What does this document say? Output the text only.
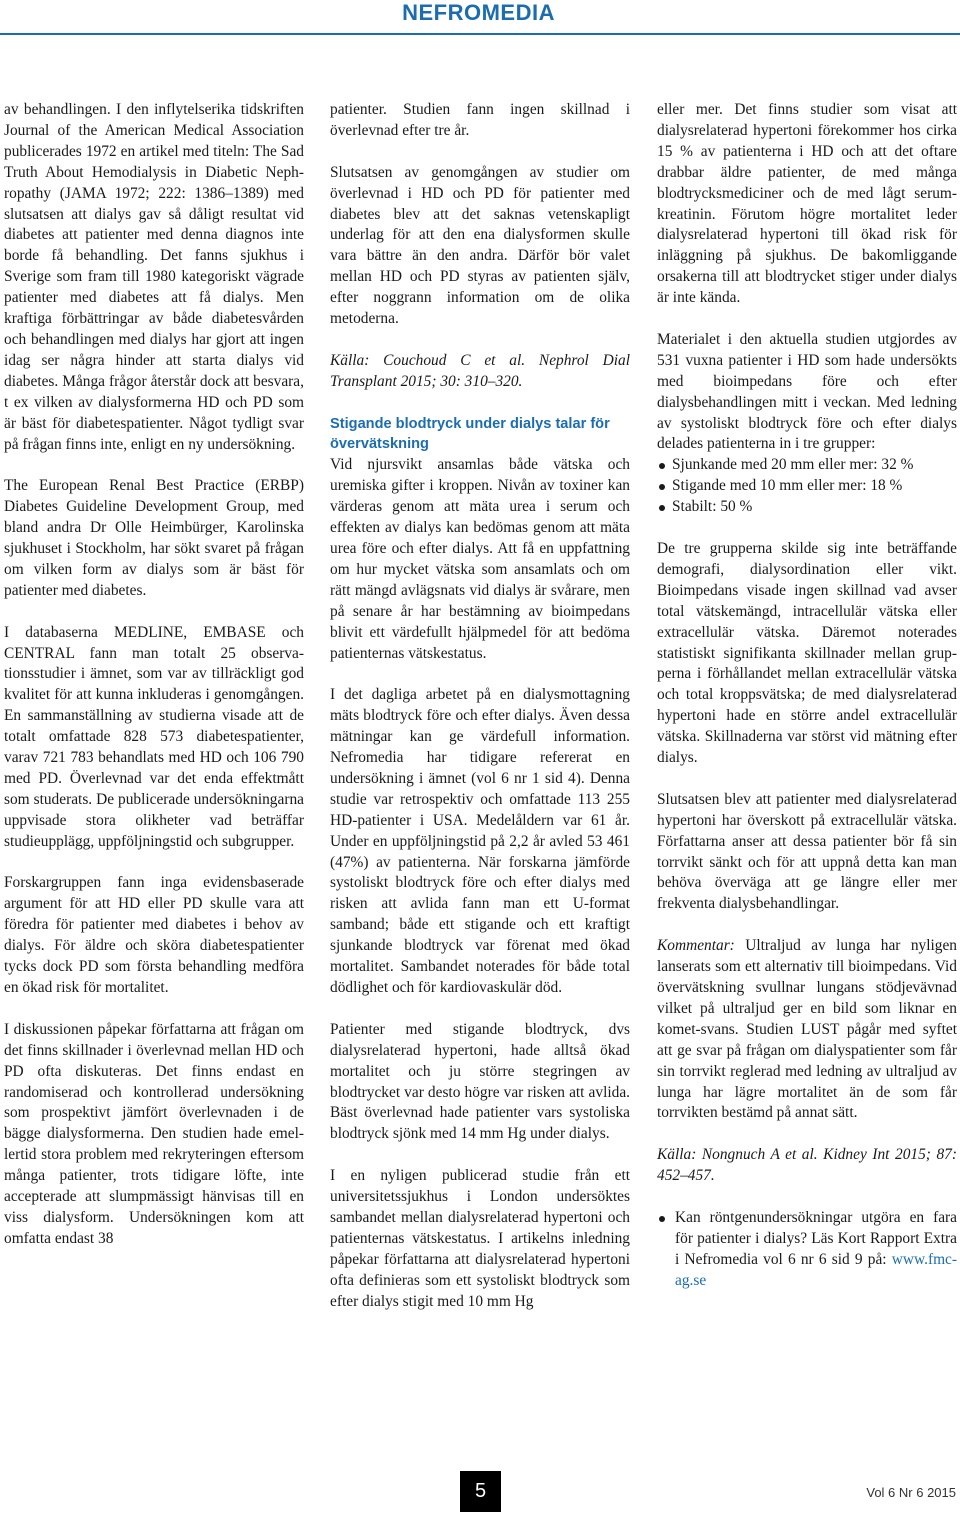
NEFROMEDIA

av behandlingen. I den inflytelserika tidskriften Journal of the American Medical Association publicerades 1972 en artikel med titeln: The Sad Truth About Hemodialysis in Diabetic Nephropathy (JAMA 1972; 222: 1386–1389) med slutsatsen att dialys gav så dåligt resultat vid diabetes att patienter med denna diagnos inte borde få behandling. Det fanns sjukhus i Sverige som fram till 1980 kategoriskt vägrade patienter med diabetes att få dialys. Men kraftiga förbättringar av både diabetesvården och behandlingen med dialys har gjort att ingen idag ser några hinder att starta dialys vid diabetes. Många frågor återstår dock att besvara, t ex vilken av dialysformerna HD och PD som är bäst för diabetespatienter. Något tydligt svar på frågan finns inte, enligt en ny undersökning.

The European Renal Best Practice (ERBP) Diabetes Guideline Development Group, med bland andra Dr Olle Heimbürger, Karolinska sjukhuset i Stockholm, har sökt svaret på frågan om vilken form av dialys som är bäst för patienter med diabetes.

I databaserna MEDLINE, EMBASE och CENTRAL fann man totalt 25 observationsstudier i ämnet, som var av tillräckligt god kvalitet för att kunna inkluderas i genomgången. En sammanställning av studierna visade att de totalt omfattade 828 573 diabetespatienter, varav 721 783 behandlats med HD och 106 790 med PD. Överlevnad var det enda effektmått som studerats. De publicerade undersökningarna uppvisade stora olikheter vad beträffar studieupplägg, uppföljningstid och subgrupper.

Forskargruppen fann inga evidensbaserade argument för att HD eller PD skulle vara att föredra för patienter med diabetes i behov av dialys. För äldre och sköra diabetespatienter tycks dock PD som första behandling medföra en ökad risk för mortalitet.

I diskussionen påpekar författarna att frågan om det finns skillnader i överlevnad mellan HD och PD ofta diskuteras. Det finns endast en randomiserad och kontrollerad undersökning som prospektivt jämfört överlevnaden i de bägge dialysformerna. Den studien hade emellertid stora problem med rekryteringen eftersom många patienter, trots tidigare löfte, inte accepterade att slumpmässigt hänvisas till en viss dialysform. Undersökningen kom att omfatta endast 38

patienter. Studien fann ingen skillnad i överlevnad efter tre år.

Slutsatsen av genomgången av studier om överlevnad i HD och PD för patienter med diabetes blev att det saknas vetenskapligt underlag för att den ena dialysformen skulle vara bättre än den andra. Därför bör valet mellan HD och PD styras av patienten själv, efter noggrann information om de olika metoderna.

Källa: Couchoud C et al. Nephrol Dial Transplant 2015; 30: 310–320.

Stigande blodtryck under dialys talar för övervätskning

Vid njursvikt ansamlas både vätska och uremiska gifter i kroppen. Nivån av toxiner kan värderas genom att mäta urea i serum och effekten av dialys kan bedömas genom att mäta urea före och efter dialys. Att få en uppfattning om hur mycket vätska som ansamlats och om rätt mängd avlägsnats vid dialys är svårare, men på senare år har bestämning av bioimpedans blivit ett värdefullt hjälpmedel för att bedöma patienternas vätskestatus.

I det dagliga arbetet på en dialysmottagning mäts blodtryck före och efter dialys. Även dessa mätningar kan ge värdefull information. Nefromedia har tidigare refererat en undersökning i ämnet (vol 6 nr 1 sid 4). Denna studie var retrospektiv och omfattade 113 255 HD-patienter i USA. Medelåldern var 61 år. Under en uppföljningstid på 2,2 år avled 53 461 (47%) av patienterna. När forskarna jämförde systoliskt blodtryck före och efter dialys med risken att avlida fann man ett U-format samband; både ett stigande och ett kraftigt sjunkande blodtryck var förenat med ökad mortalitet. Sambandet noterades för både total dödlighet och för kardiovaskulär död.

Patienter med stigande blodtryck, dvs dialysrelaterad hypertoni, hade alltså ökad mortalitet och ju större stegringen av blodtrycket var desto högre var risken att avlida. Bäst överlevnad hade patienter vars systoliska blodtryck sjönk med 14 mm Hg under dialys.

I en nyligen publicerad studie från ett universitetssjukhus i London undersöktes sambandet mellan dialysrelaterad hypertoni och patienternas vätskestatus. I artikelns inledning påpekar författarna att dialysrelaterad hypertoni ofta definieras som ett systoliskt blodtryck som efter dialys stigit med 10 mm Hg

eller mer. Det finns studier som visat att dialysrelaterad hypertoni förekommer hos cirka 15 % av patienterna i HD och att det oftare drabbar äldre patienter, de med många blodtrycksmediciner och de med lågt serum-kreatinin. Förutom högre mortalitet leder dialysrelaterad hypertoni till ökad risk för inläggning på sjukhus. De bakomliggande orsakerna till att blodtrycket stiger under dialys är inte kända.

Materialet i den aktuella studien utgjordes av 531 vuxna patienter i HD som hade undersökts med bioimpedans före och efter dialysbehandlingen mitt i veckan. Med ledning av systoliskt blodtryck före och efter dialys delades patienterna in i tre grupper:

Sjunkande med 20 mm eller mer: 32 %
Stigande med 10 mm eller mer: 18 %
Stabilt: 50 %

De tre grupperna skilde sig inte beträffande demografi, dialysordination eller vikt. Bioimpedans visade ingen skillnad vad avser total vätskemängd, intracellulär vätska eller extracellulär vätska. Däremot noterades statistiskt signifikanta skillnader mellan grupperna i förhållandet mellan extracellulär vätska och total kroppsvätska; de med dialysrelaterad hypertoni hade en större andel extracellulär vätska. Skillnaderna var störst vid mätning efter dialys.

Slutsatsen blev att patienter med dialysrelaterad hypertoni har överskott på extracellulär vätska. Författarna anser att dessa patienter bör få sin torrvikt sänkt och för att uppnå detta kan man behöva överväga att ge längre eller mer frekventa dialysbehandlingar.

Kommentar: Ultraljud av lunga har nyligen lanserats som ett alternativ till bioimpedans. Vid övervätskning svullnar lungans stödjevävnad vilket på ultraljud ger en bild som liknar en komet-svans. Studien LUST pågår med syftet att ge svar på frågan om dialyspatienter som får sin torrvikt reglerad med ledning av ultraljud av lunga har lägre mortalitet än de som får torrvikten bestämd på annat sätt.

Källa: Nongnuch A et al. Kidney Int 2015; 87: 452–457.

Kan röntgenundersökningar utgöra en fara för patienter i dialys? Läs Kort Rapport Extra i Nefromedia vol 6 nr 6 sid 9 på: www.fmc-ag.se
5	Vol 6 Nr 6 2015
